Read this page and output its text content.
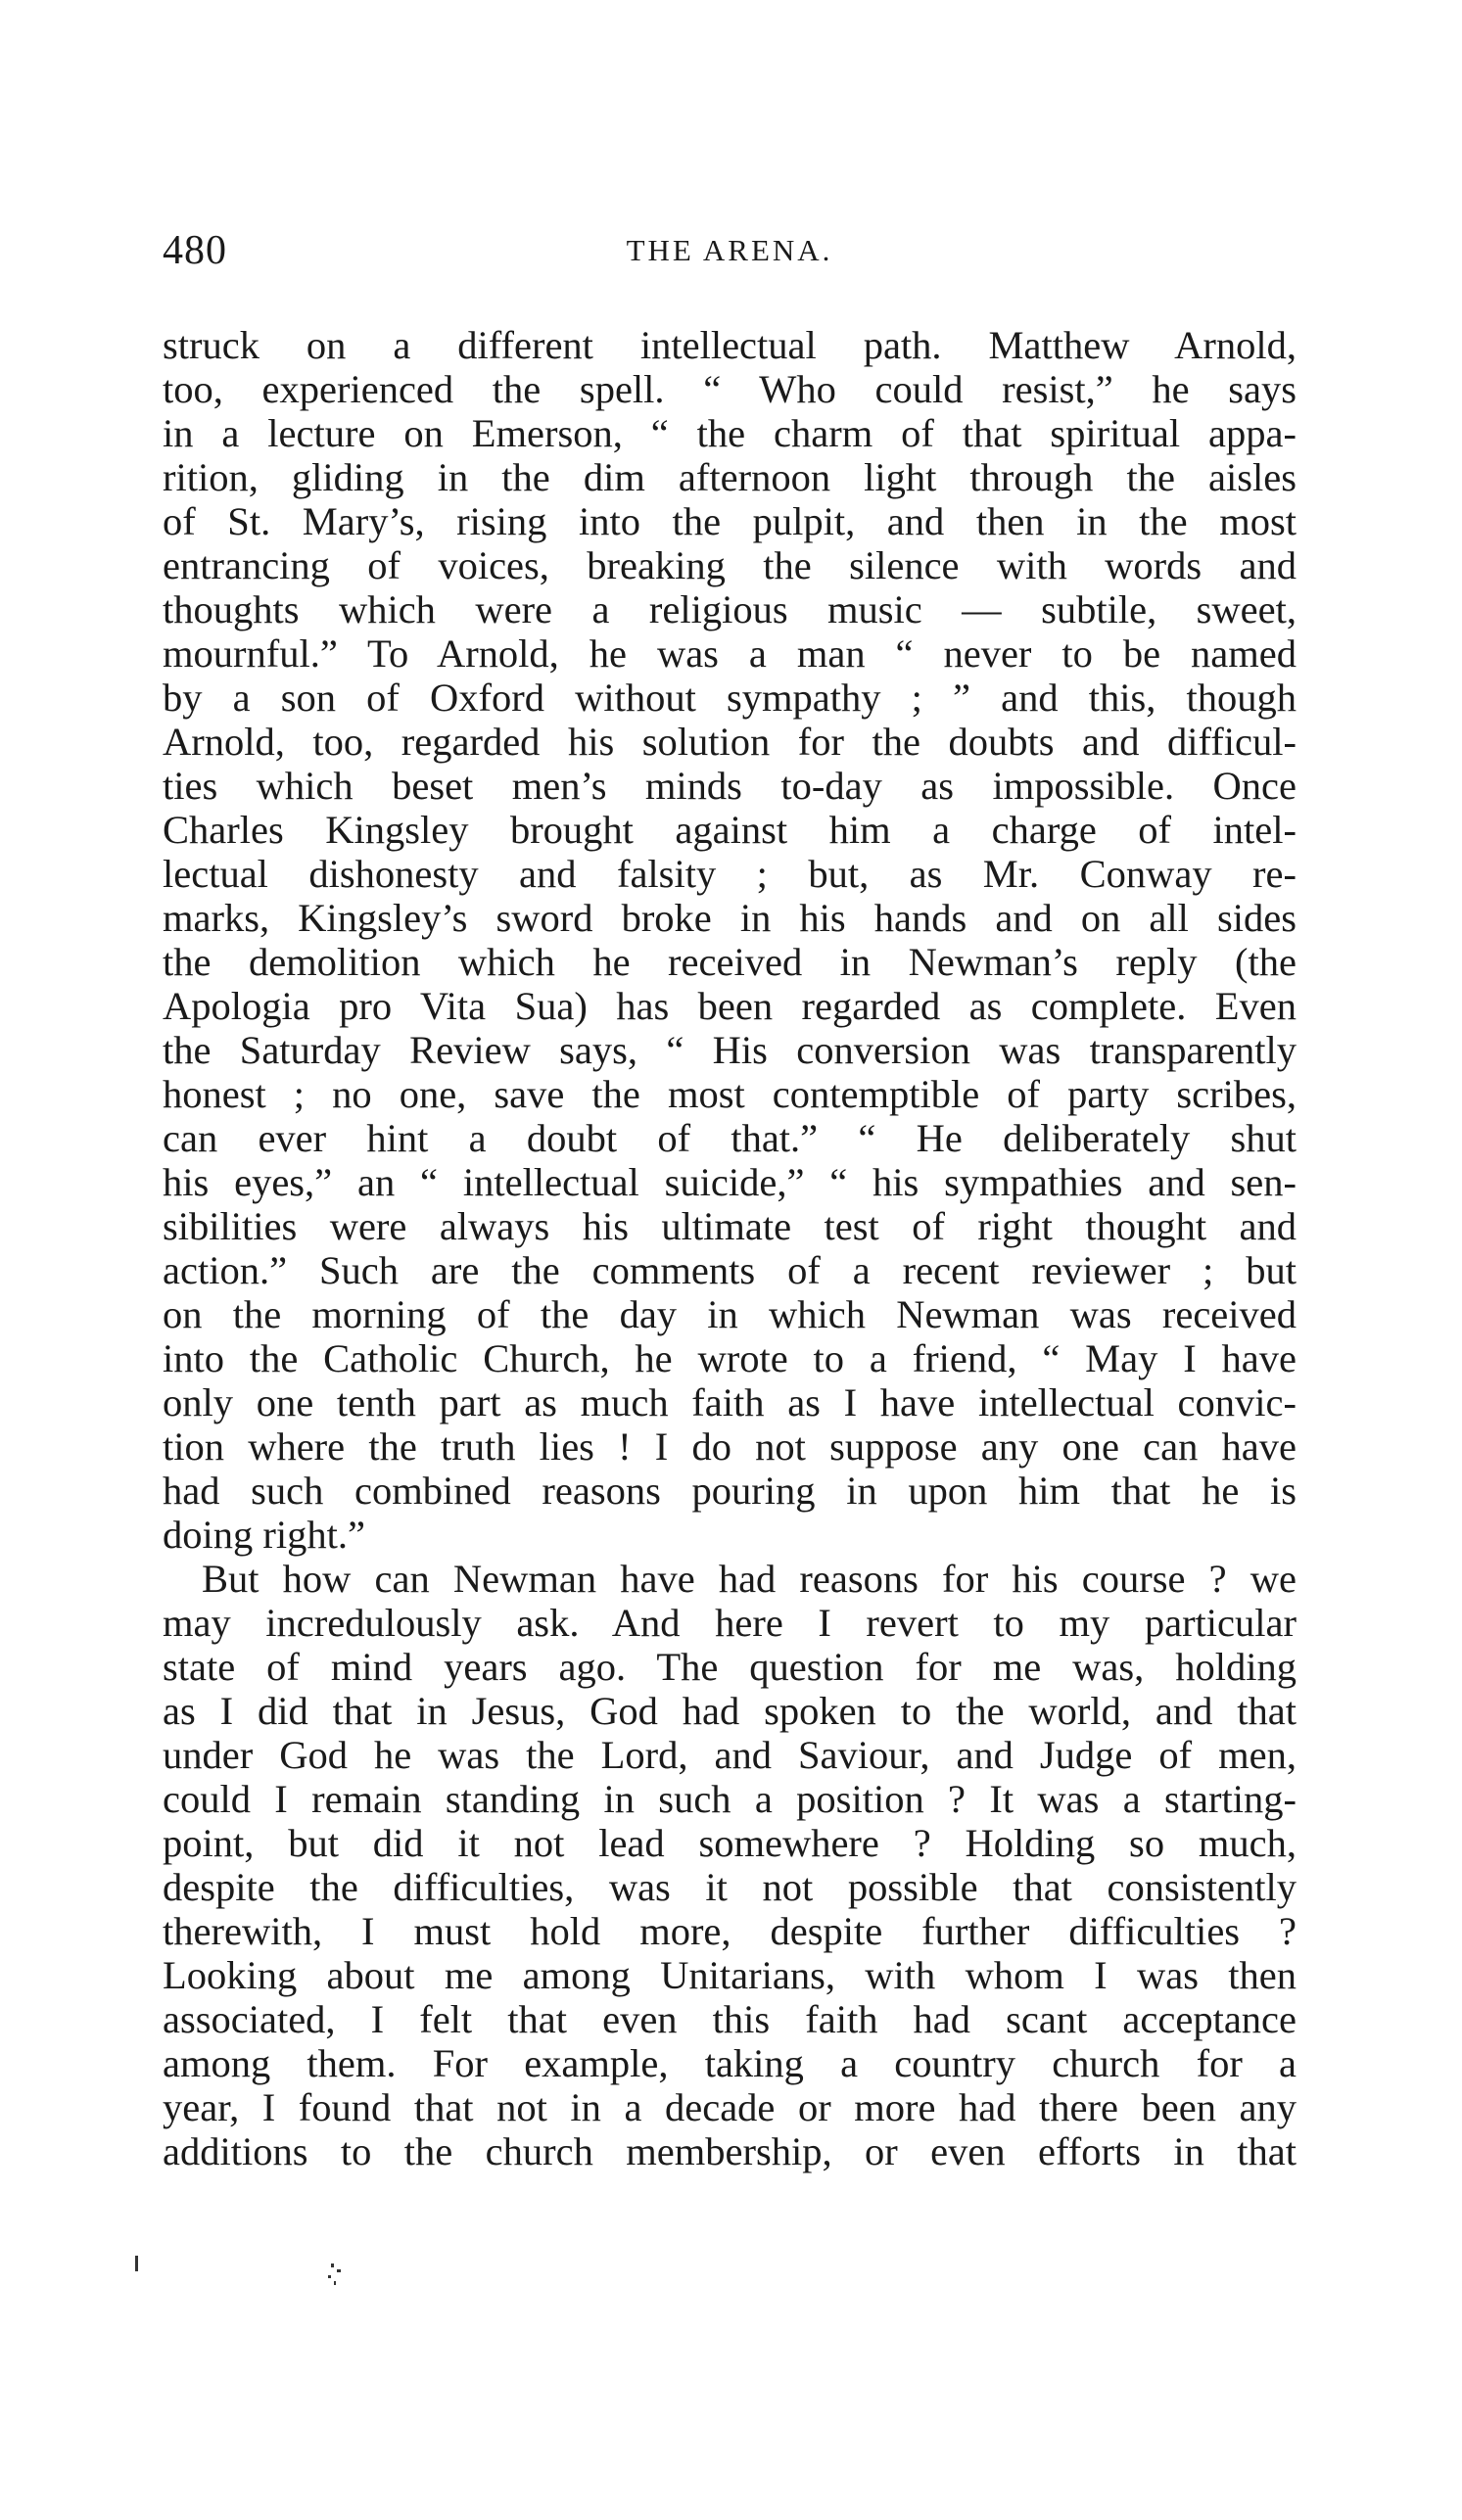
480	THE ARENA.

struck on a different intellectual path. Matthew Arnold,

too, experienced the spell. “ Who could resist,” he says

in a lecture on Emerson, “ the charm of that spiritual appa-

rition, gliding in the dim afternoon light through the aisles

of St. Mary’s, rising into the pulpit, and then in the most

entrancing of voices, breaking the silence with words and

thoughts which were a religious music — subtile, sweet,

mournful.” To Arnold, he was a man “ never to be named

by a son of Oxford without sympathy ; ” and this, though

Arnold, too, regarded his solution for the doubts and difficul-

ties which beset men’s minds to-day as impossible. Once

Charles Kingsley brought against him a charge of intel-

lectual dishonesty and falsity ; but, as Mr. Conway re-

marks, Kingsley’s sword broke in his hands and on all sides

the demolition which he received in Newman’s reply (the

Apologia pro Vita Sua) has been regarded as complete. Even

the Saturday Review says, “ His conversion was transparently

honest ; no one, save the most contemptible of party scribes,

can ever hint a doubt of that.” “ He deliberately shut

his eyes,” an “ intellectual suicide,” “ his sympathies and sen-

sibilities were always his ultimate test of right thought and

action.” Such are the comments of a recent reviewer ; but

on the morning of the day in which Newman was received

into the Catholic Church, he wrote to a friend, “ May I have

only one tenth part as much faith as I have intellectual convic-

tion where the truth lies ! I do not suppose any one can have

had such combined reasons pouring in upon him that he is

doing right.”

But how can Newman have had reasons for his course ? we

may incredulously ask. And here I revert to my particular

state of mind years ago. The question for me was, holding

as I did that in Jesus, God had spoken to the world, and that

under God he was the Lord, and Saviour, and Judge of men,

could I remain standing in such a position ? It was a starting-

point, but did it not lead somewhere ? Holding so much,

despite the difficulties, was it not possible that consistently

therewith, I must hold more, despite further difficulties ?

Looking about me among Unitarians, with whom I was then

associated, I felt that even this faith had scant acceptance

among them. For example, taking a country church for a

year, I found that not in a decade or more had there been any

additions to the church membership, or even efforts in that
